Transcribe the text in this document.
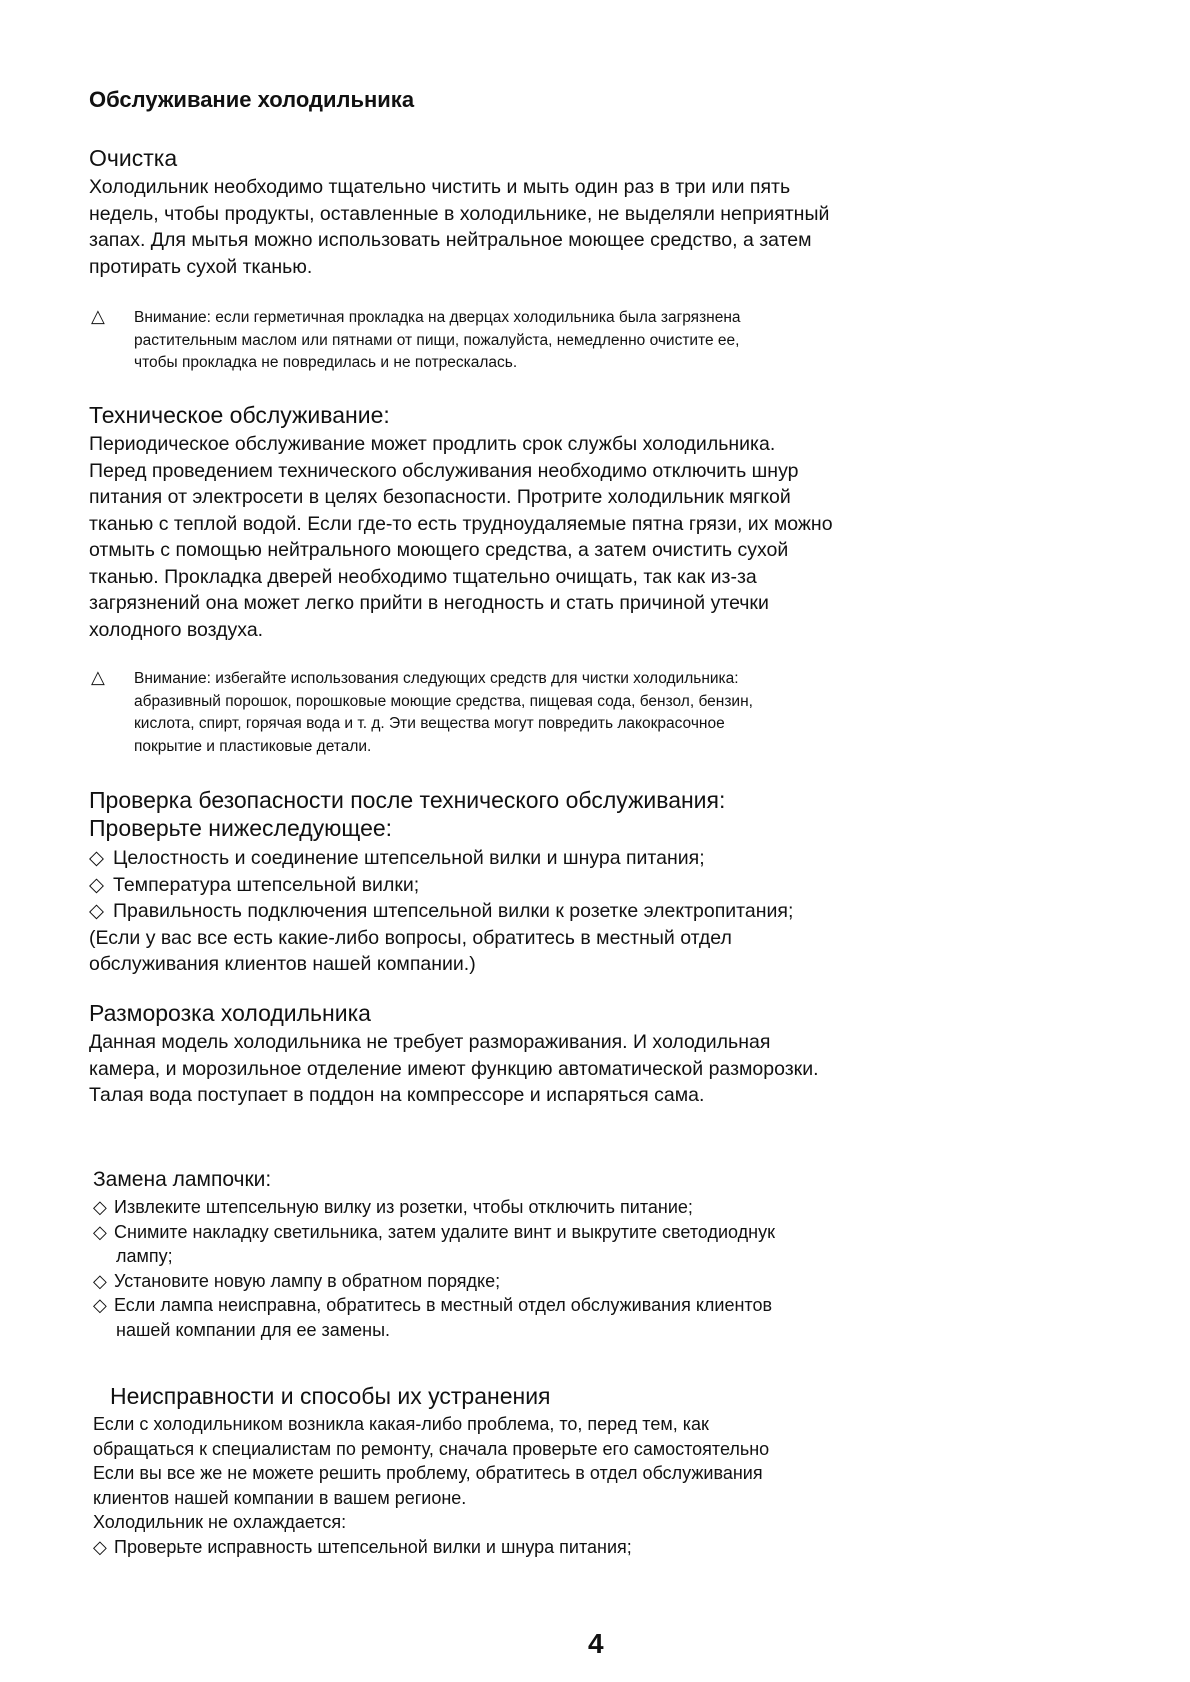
Обслуживание холодильника
Очистка
Холодильник необходимо тщательно чистить и мыть один раз в три или пять
недель, чтобы продукты, оставленные в холодильнике, не выделяли неприятный
запах. Для мытья можно использовать нейтральное моющее средство, а затем
протирать сухой тканью.
△ Внимание: если герметичная прокладка на дверцах холодильника была загрязнена
растительным маслом или пятнами от пищи, пожалуйста, немедленно очистите ее,
чтобы прокладка не повредилась и не потрескалась.
Техническое обслуживание:
Периодическое обслуживание может продлить срок службы холодильника.
Перед проведением технического обслуживания необходимо отключить шнур
питания от электросети в целях безопасности. Протрите холодильник мягкой
тканью с теплой водой. Если где-то есть трудноудаляемые пятна грязи, их можно
отмыть с помощью нейтрального моющего средства, а затем очистить сухой
тканью. Прокладка дверей необходимо тщательно очищать, так как из-за
загрязнений она может легко прийти в негодность и стать причиной утечки
холодного воздуха.
△ Внимание: избегайте использования следующих средств для чистки холодильника:
абразивный порошок, порошковые моющие средства, пищевая сода, бензол, бензин,
кислота, спирт, горячая вода и т. д. Эти вещества могут повредить лакокрасочное
покрытие и пластиковые детали.
Проверка безопасности после технического обслуживания:
Проверьте нижеследующее:
◇ Целостность и соединение штепсельной вилки и шнура питания;
◇ Температура штепсельной вилки;
◇ Правильность подключения штепсельной вилки к розетке электропитания;
(Если у вас все есть какие-либо вопросы, обратитесь в местный отдел
обслуживания клиентов нашей компании.)
Разморозка холодильника
Данная модель холодильника не требует размораживания. И холодильная
камера, и морозильное отделение имеют функцию автоматической разморозки.
Талая вода поступает в поддон на компрессоре и испаряться сама.
Замена лампочки:
◇ Извлеките штепсельную вилку из розетки, чтобы отключить питание;
◇ Снимите накладку светильника, затем удалите винт и выкрутите светодиоднук
лампу;
◇ Установите новую лампу в обратном порядке;
◇ Если лампа неисправна, обратитесь в местный отдел обслуживания клиентов
нашей компании для ее замены.
Неисправности и способы их устранения
Если с холодильником возникла какая-либо проблема, то, перед тем, как
обращаться к специалистам по ремонту, сначала проверьте его самостоятельно
Если вы все же не можете решить проблему, обратитесь в отдел обслуживания
клиентов нашей компании в вашем регионе.
Холодильник не охлаждается:
◇ Проверьте исправность штепсельной вилки и шнура питания;
4
